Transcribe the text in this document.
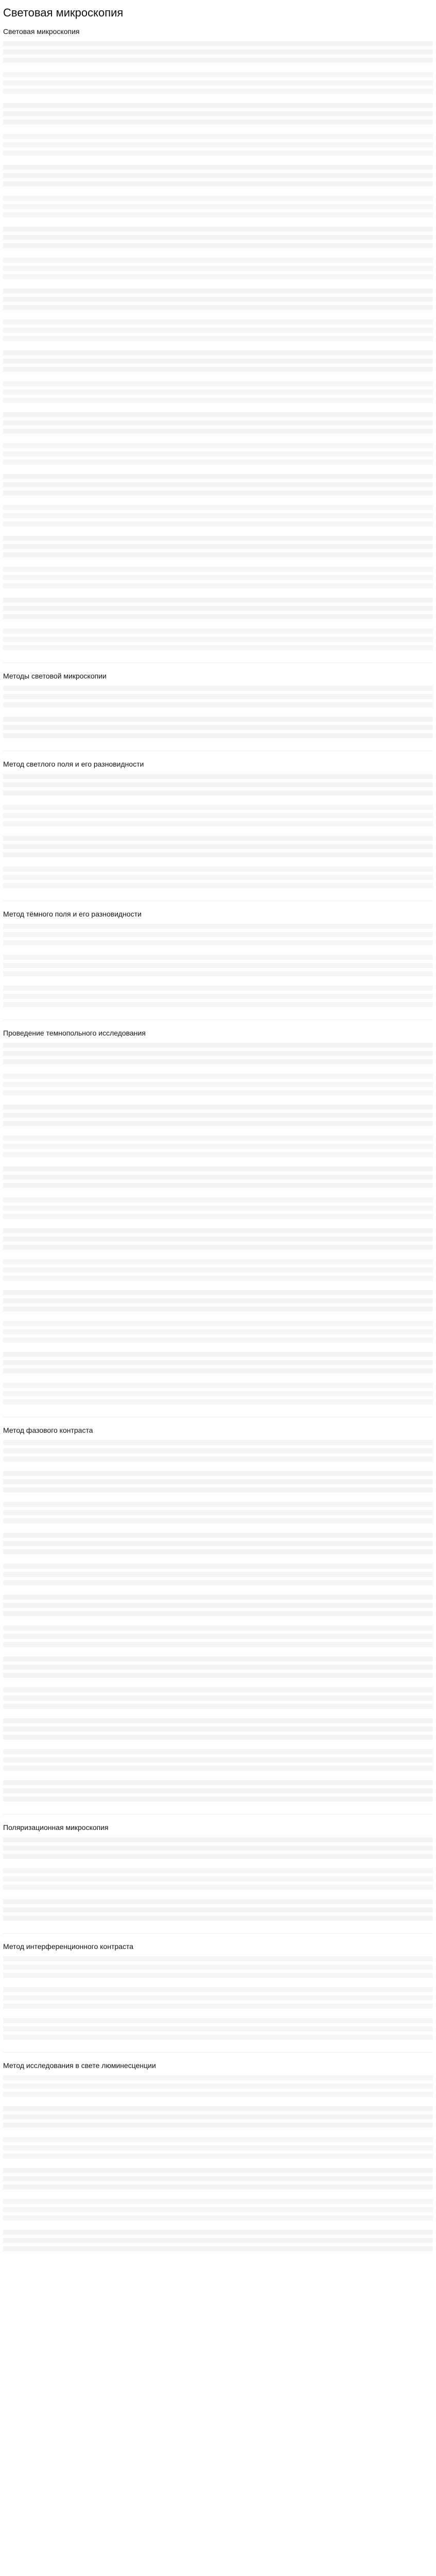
Световая микроскопия
Световая микроскопия
Методы световой микроскопии
Метод светлого поля и его разновидности
Метод тёмного поля и его разновидности
Проведение темнопольного исследования
Метод фазового контраста
Поляризационная микроскопия
Метод интерференционного контраста
Метод исследования в свете люминесценции
